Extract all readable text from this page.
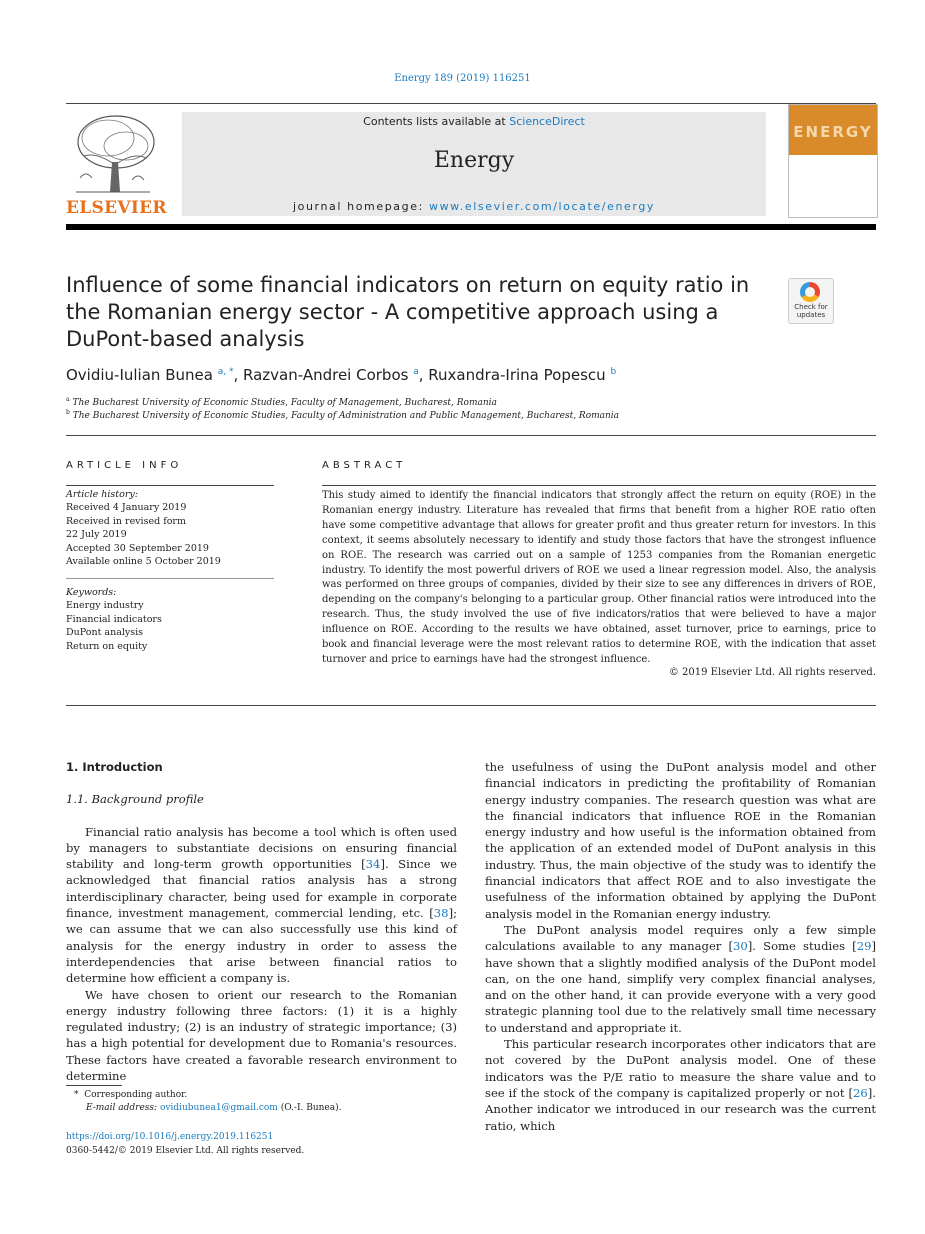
Energy 189 (2019) 116251
ELSEVIER
Contents lists available at ScienceDirect
Energy
journal homepage: www.elsevier.com/locate/energy
ENERGY
Influence of some financial indicators on return on equity ratio in the Romanian energy sector - A competitive approach using a DuPont-based analysis
Check for updates
Ovidiu-Iulian Bunea $^{a, *}$, Razvan-Andrei Corbos $^a$, Ruxandra-Irina Popescu $^b$
$^a$ The Bucharest University of Economic Studies, Faculty of Management, Bucharest, Romania
$^b$ The Bucharest University of Economic Studies, Faculty of Administration and Public Management, Bucharest, Romania
ARTICLE INFO
Article history:
Received 4 January 2019
Received in revised form
22 July 2019
Accepted 30 September 2019
Available online 5 October 2019
Keywords:
Energy industry
Financial indicators
DuPont analysis
Return on equity
ABSTRACT
This study aimed to identify the financial indicators that strongly affect the return on equity (ROE) in the Romanian energy industry. Literature has revealed that firms that benefit from a higher ROE ratio often have some competitive advantage that allows for greater profit and thus greater return for investors. In this context, it seems absolutely necessary to identify and study those factors that have the strongest influence on ROE. The research was carried out on a sample of 1253 companies from the Romanian energetic industry. To identify the most powerful drivers of ROE we used a linear regression model. Also, the analysis was performed on three groups of companies, divided by their size to see any differences in drivers of ROE, depending on the company's belonging to a particular group. Other financial ratios were introduced into the research. Thus, the study involved the use of five indicators/ratios that were believed to have a major influence on ROE. According to the results we have obtained, asset turnover, price to earnings, price to book and financial leverage were the most relevant ratios to determine ROE, with the indication that asset turnover and price to earnings have had the strongest influence.
© 2019 Elsevier Ltd. All rights reserved.

1. Introduction

1.1. Background profile

Financial ratio analysis has become a tool which is often used by managers to substantiate decisions on ensuring financial stability and long-term growth opportunities [34]. Since we acknowledged that financial ratios analysis has a strong interdisciplinary character, being used for example in corporate finance, investment management, commercial lending, etc. [38]; we can assume that we can also successfully use this kind of analysis for the energy industry in order to assess the interdependencies that arise between financial ratios to determine how efficient a company is.

We have chosen to orient our research to the Romanian energy industry following three factors: (1) it is a highly regulated industry; (2) is an industry of strategic importance; (3) has a high potential for development due to Romania's resources. These factors have created a favorable research environment to determine

the usefulness of using the DuPont analysis model and other financial indicators in predicting the profitability of Romanian energy industry companies. The research question was what are the financial indicators that influence ROE in the Romanian energy industry and how useful is the information obtained from the application of an extended model of DuPont analysis in this industry. Thus, the main objective of the study was to identify the financial indicators that affect ROE and to also investigate the usefulness of the information obtained by applying the DuPont analysis model in the Romanian energy industry.

The DuPont analysis model requires only a few simple calculations available to any manager [30]. Some studies [29] have shown that a slightly modified analysis of the DuPont model can, on the one hand, simplify very complex financial analyses, and on the other hand, it can provide everyone with a very good strategic planning tool due to the relatively small time necessary to understand and appropriate it.

This particular research incorporates other indicators that are not covered by the DuPont analysis model. One of these indicators was the P/E ratio to measure the share value and to see if the stock of the company is capitalized properly or not [26]. Another indicator we introduced in our research was the current ratio, which

* Corresponding author.
E-mail address: ovidiubunea1@gmail.com (O.-I. Bunea).
https://doi.org/10.1016/j.energy.2019.116251
0360-5442/© 2019 Elsevier Ltd. All rights reserved.
